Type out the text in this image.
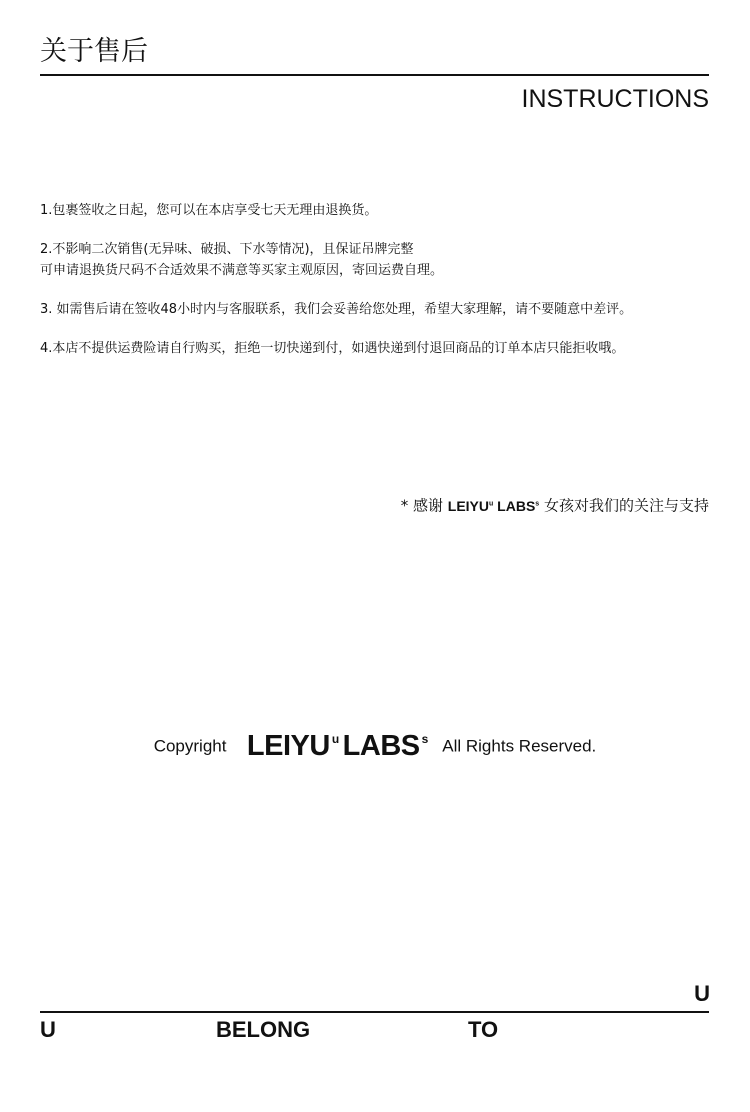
关于售后
INSTRUCTIONS
1.包裹签收之日起，您可以在本店享受七天无理由退换货。
2.不影响二次销售(无异味、破损、下水等情况)，且保证吊牌完整
可申请退换货尺码不合适效果不满意等买家主观原因，寄回运费自理。
3. 如需售后请在签收48小时内与客服联系，我们会妥善给您处理，希望大家理解，请不要随意中差评。
4.本店不提供运费险请自行购买，拒绝一切快递到付，如遇快递到付退回商品的订单本店只能拒收哦。
* 感谢 LEIYU$^u$ LABS$^s$ 女孩对我们的关注与支持
Copyright LEIYU $^u$ LABS $^s$ All Rights Reserved.
U
U	BELONG	TO
